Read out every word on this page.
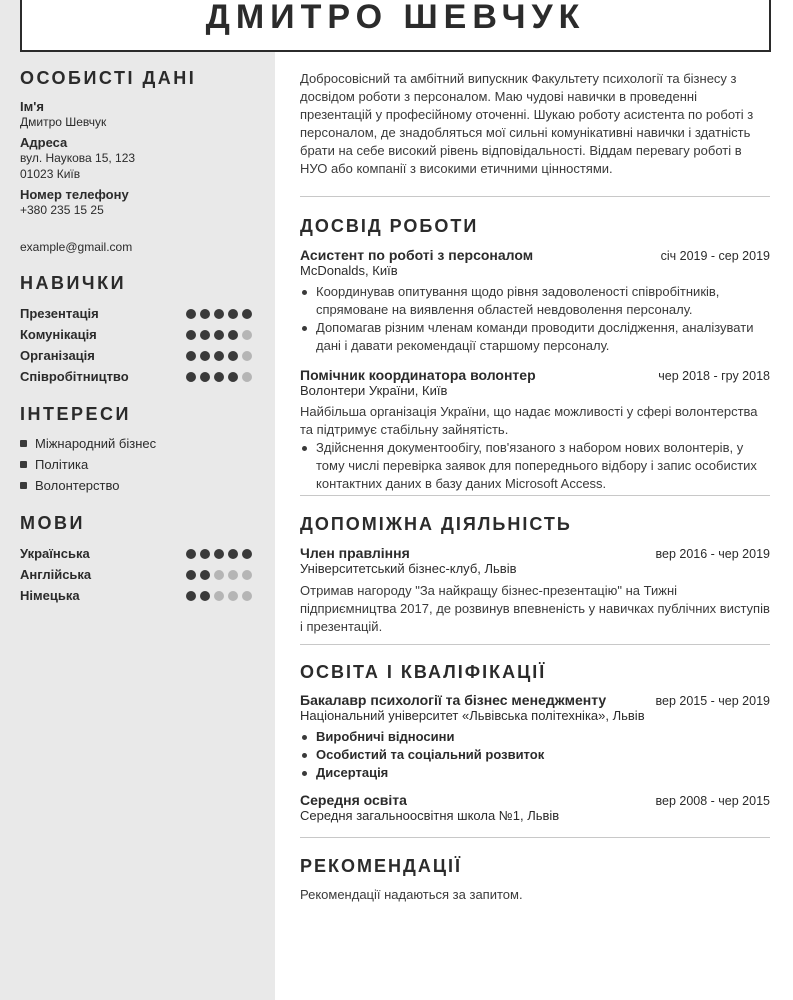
ДМИТРО ШЕВЧУК
ОСОБИСТІ ДАНІ
Ім'я
Дмитро Шевчук
Адреса
вул. Наукова 15, 123
01023 Київ
Номер телефону
+380 235 15 25
example@gmail.com
НАВИЧКИ
Презентація
Комунікація
Організація
Співробітництво
ІНТЕРЕСИ
Міжнародний бізнес
Політика
Волонтерство
МОВИ
Українська
Англійська
Німецька
Добросовісний та амбітний випускник Факультету психології та бізнесу з досвідом роботи з персоналом. Маю чудові навички в проведенні презентацій у професійному оточенні. Шукаю роботу асистента по роботі з персоналом, де знадобляться мої сильні комунікативні навички і здатність брати на себе високий рівень відповідальності. Віддам перевагу роботі в НУО або компанії з високими етичними цінностями.
ДОСВІД РОБОТИ
Асистент по роботі з персоналом	січ 2019 - сер 2019
McDonalds, Київ
Координував опитування щодо рівня задоволеності співробітників, спрямоване на виявлення областей невдоволення персоналу.
Допомагав різним членам команди проводити дослідження, аналізувати дані і давати рекомендації старшому персоналу.
Помічник координатора волонтер	чер 2018 - гру 2018
Волонтери України, Київ
Найбільша організація України, що надає можливості у сфері волонтерства та підтримує стабільну зайнятість.
Здійснення документообігу, пов'язаного з набором нових волонтерів, у тому числі перевірка заявок для попереднього відбору і запис особистих контактних даних в базу даних Microsoft Access.
ДОПОМІЖНА ДІЯЛЬНІСТЬ
Член правління	вер 2016 - чер 2019
Університетський бізнес-клуб, Львів
Отримав нагороду "За найкращу бізнес-презентацію" на Тижні підприємництва 2017, де розвинув впевненість у навичках публічних виступів і презентацій.
ОСВІТА І КВАЛІФІКАЦІЇ
Бакалавр психології та бізнес менеджменту	вер 2015 - чер 2019
Національний університет «Львівська політехніка», Львів
Виробничі відносини
Особистий та соціальний розвиток
Дисертація
Середня освіта	вер 2008 - чер 2015
Середня загальноосвітня школа №1, Львів
РЕКОМЕНДАЦІЇ
Рекомендації надаються за запитом.
